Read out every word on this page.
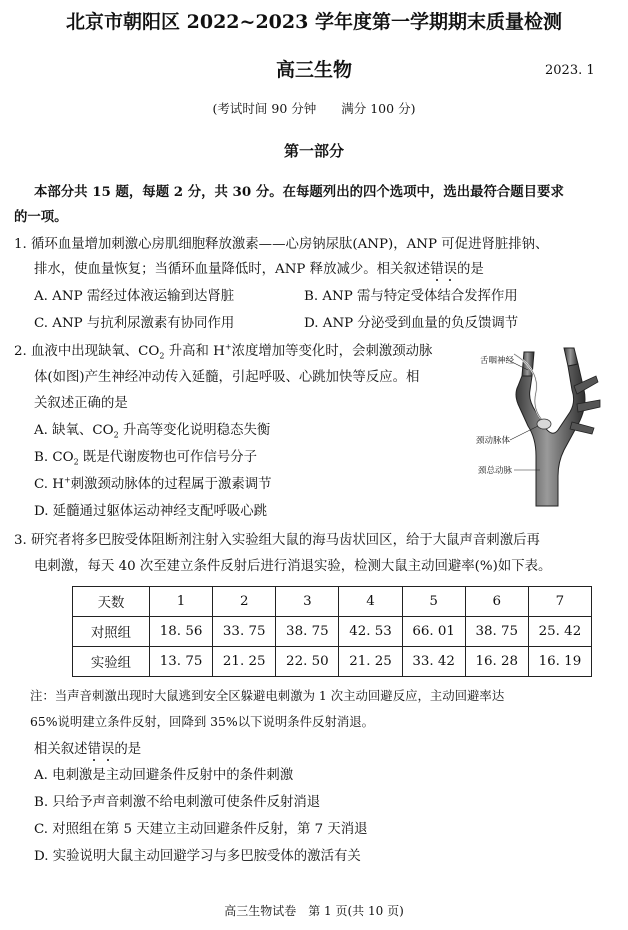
北京市朝阳区 2022~2023 学年度第一学期期末质量检测
高三生物	2023. 1
(考试时间 90 分钟　　满分 100 分)
第一部分
本部分共 15 题，每题 2 分，共 30 分。在每题列出的四个选项中，选出最符合题目要求
的一项。
1. 循环血量增加刺激心房肌细胞释放激素——心房钠尿肽(ANP)，ANP 可促进肾脏排钠、
排水，使血量恢复；当循环血量降低时，ANP 释放减少。相关叙述错误的是
A. ANP 需经过体液运输到达肾脏	B. ANP 需与特定受体结合发挥作用
C. ANP 与抗利尿激素有协同作用	D. ANP 分泌受到血量的负反馈调节
2. 血液中出现缺氧、$CO_2$ 升高和 H+浓度增加等变化时，会刺激颈动脉
体(如图)产生神经冲动传入延髓，引起呼吸、心跳加快等反应。相
关叙述正确的是
A. 缺氧、$CO_2$ 升高等变化说明稳态失衡
B. $CO_2$ 既是代谢废物也可作信号分子
C. H+刺激颈动脉体的过程属于激素调节
D. 延髓通过躯体运动神经支配呼吸心跳
舌咽神经
颈动脉体
颈总动脉
3. 研究者将多巴胺受体阻断剂注射入实验组大鼠的海马齿状回区，给于大鼠声音刺激后再
电刺激，每天 40 次至建立条件反射后进行消退实验，检测大鼠主动回避率(%)如下表。
天数	1	2	3	4	5	6	7
对照组	18. 56	33. 75	38. 75	42. 53	66. 01	38. 75	25. 42
实验组	13. 75	21. 25	22. 50	21. 25	33. 42	16. 28	16. 19
注：当声音刺激出现时大鼠逃到安全区躲避电刺激为 1 次主动回避反应，主动回避率达
65%说明建立条件反射，回降到 35%以下说明条件反射消退。
相关叙述错误的是
A. 电刺激是主动回避条件反射中的条件刺激
B. 只给予声音刺激不给电刺激可使条件反射消退
C. 对照组在第 5 天建立主动回避条件反射，第 7 天消退
D. 实验说明大鼠主动回避学习与多巴胺受体的激活有关
高三生物试卷　第 1 页(共 10 页)
